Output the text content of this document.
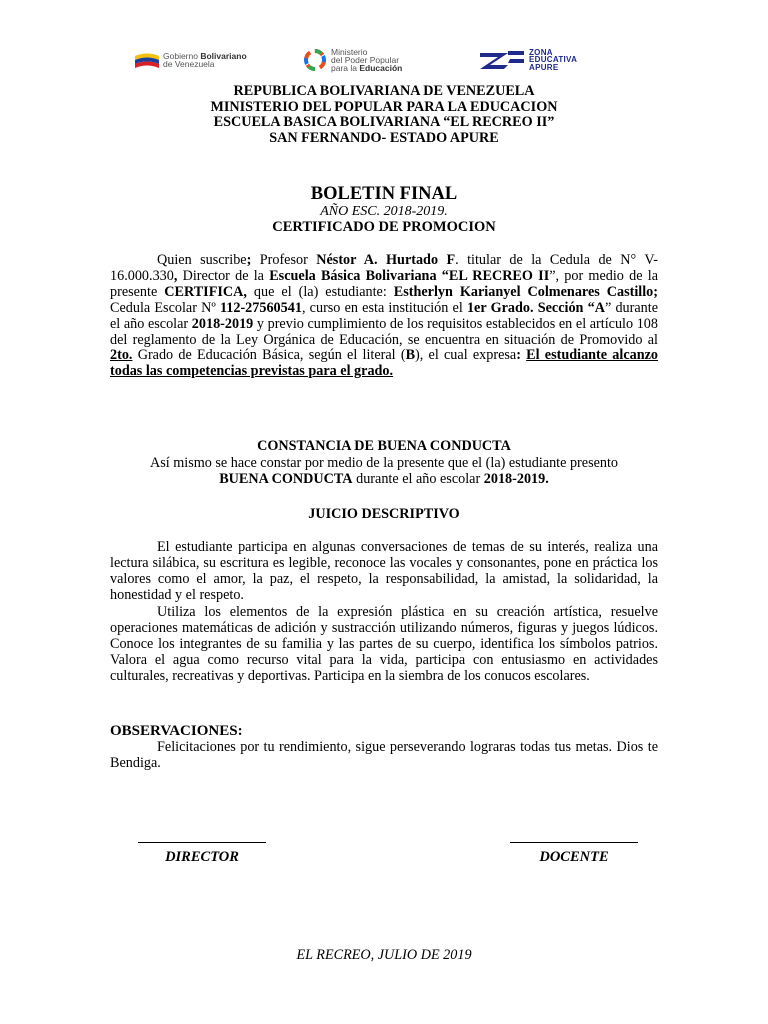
Gobierno Bolivariano
de Venezuela
Ministerio
del Poder Popular
para la Educación
ZONA
EDUCATIVA
APURE
REPUBLICA BOLIVARIANA DE VENEZUELA
MINISTERIO DEL POPULAR PARA LA EDUCACION
ESCUELA BASICA BOLIVARIANA “EL RECREO II”
SAN FERNANDO- ESTADO APURE
BOLETIN FINAL
AÑO ESC. 2018-2019.
CERTIFICADO DE PROMOCION
Quien suscribe; Profesor Néstor A. Hurtado F. titular de la Cedula de N° V-16.000.330, Director de la Escuela Básica Bolivariana “EL RECREO II”, por medio de la presente CERTIFICA, que el (la) estudiante: Estherlyn Karianyel Colmenares Castillo; Cedula Escolar Nº 112-27560541, curso en esta institución el 1er Grado. Sección “A” durante el año escolar 2018-2019 y previo cumplimiento de los requisitos establecidos en el artículo 108 del reglamento de la Ley Orgánica de Educación, se encuentra en situación de Promovido al 2to. Grado de Educación Básica, según el literal (B), el cual expresa: El estudiante alcanzo todas las competencias previstas para el grado.
CONSTANCIA DE BUENA CONDUCTA
Así mismo se hace constar por medio de la presente que el (la) estudiante presento
BUENA CONDUCTA durante el año escolar 2018-2019.
JUICIO DESCRIPTIVO
El estudiante participa en algunas conversaciones de temas de su interés, realiza una lectura silábica, su escritura es legible, reconoce las vocales y consonantes, pone en práctica los valores como el amor, la paz, el respeto, la responsabilidad, la amistad, la solidaridad, la honestidad y el respeto.
Utiliza los elementos de la expresión plástica en su creación artística, resuelve operaciones matemáticas de adición y sustracción utilizando números, figuras y juegos lúdicos. Conoce los integrantes de su familia y las partes de su cuerpo, identifica los símbolos patrios. Valora el agua como recurso vital para la vida, participa con entusiasmo en actividades culturales, recreativas y deportivas. Participa en la siembra de los conucos escolares.
OBSERVACIONES:
Felicitaciones por tu rendimiento, sigue perseverando lograras todas tus metas. Dios te Bendiga.
DIRECTOR	DOCENTE
EL RECREO, JULIO DE 2019
